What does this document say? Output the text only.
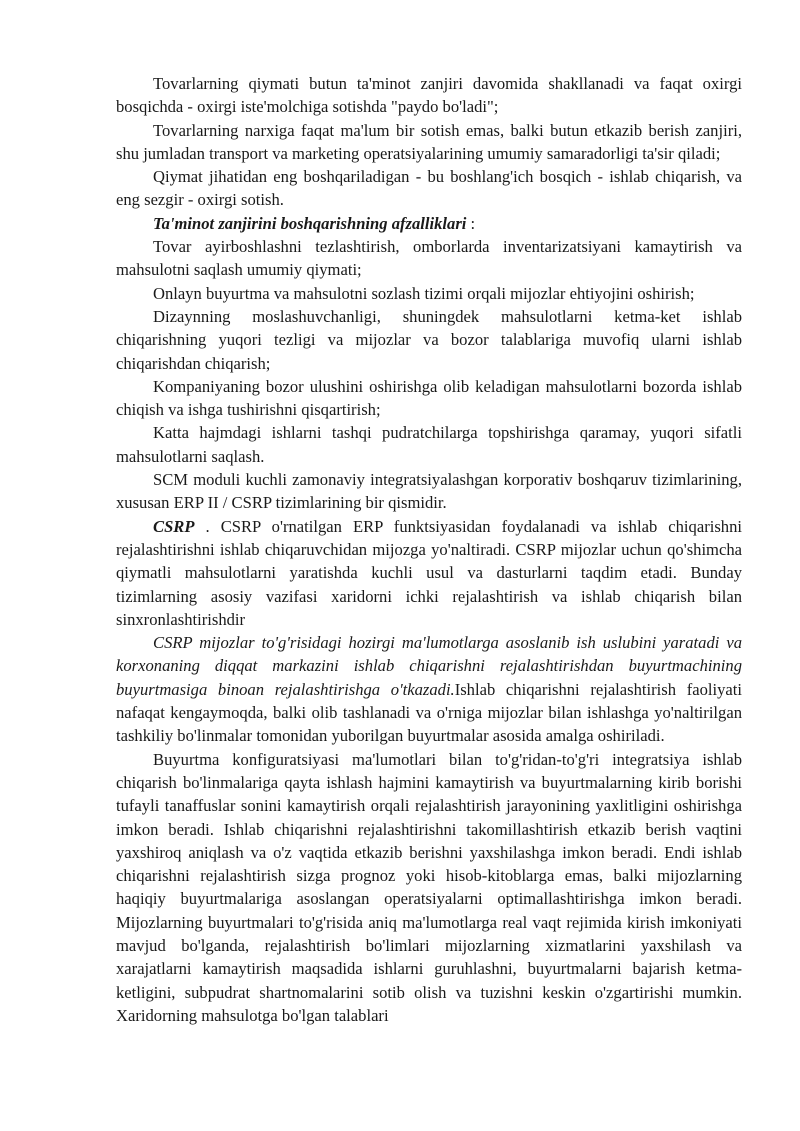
Tovarlarning qiymati butun ta'minot zanjiri davomida shakllanadi va faqat oxirgi bosqichda - oxirgi iste'molchiga sotishda "paydo bo'ladi";

Tovarlarning narxiga faqat ma'lum bir sotish emas, balki butun etkazib berish zanjiri, shu jumladan transport va marketing operatsiyalarining umumiy samaradorligi ta'sir qiladi;

Qiymat jihatidan eng boshqariladigan - bu boshlang'ich bosqich - ishlab chiqarish, va eng sezgir - oxirgi sotish.

Ta'minot zanjirini boshqarishning afzalliklari :

Tovar ayirboshlashni tezlashtirish, omborlarda inventarizatsiyani kamaytirish va mahsulotni saqlash umumiy qiymati;

Onlayn buyurtma va mahsulotni sozlash tizimi orqali mijozlar ehtiyojini oshirish;

Dizaynning moslashuvchanligi, shuningdek mahsulotlarni ketma-ket ishlab chiqarishning yuqori tezligi va mijozlar va bozor talablariga muvofiq ularni ishlab chiqarishdan chiqarish;

Kompaniyaning bozor ulushini oshirishga olib keladigan mahsulotlarni bozorda ishlab chiqish va ishga tushirishni qisqartirish;

Katta hajmdagi ishlarni tashqi pudratchilarga topshirishga qaramay, yuqori sifatli mahsulotlarni saqlash.

SCM moduli kuchli zamonaviy integratsiyalashgan korporativ boshqaruv tizimlarining, xususan ERP II / CSRP tizimlarining bir qismidir.

CSRP . CSRP o'rnatilgan ERP funktsiyasidan foydalanadi va ishlab chiqarishni rejalashtirishni ishlab chiqaruvchidan mijozga yo'naltiradi. CSRP mijozlar uchun qo'shimcha qiymatli mahsulotlarni yaratishda kuchli usul va dasturlarni taqdim etadi. Bunday tizimlarning asosiy vazifasi xaridorni ichki rejalashtirish va ishlab chiqarish bilan sinxronlashtirishdir

CSRP mijozlar to'g'risidagi hozirgi ma'lumotlarga asoslanib ish uslubini yaratadi va korxonaning diqqat markazini ishlab chiqarishni rejalashtirishdan buyurtmachining buyurtmasiga binoan rejalashtirishga o'tkazadi.Ishlab chiqarishni rejalashtirish faoliyati nafaqat kengaymoqda, balki olib tashlanadi va o'rniga mijozlar bilan ishlashga yo'naltirilgan tashkiliy bo'linmalar tomonidan yuborilgan buyurtmalar asosida amalga oshiriladi.

Buyurtma konfiguratsiyasi ma'lumotlari bilan to'g'ridan-to'g'ri integratsiya ishlab chiqarish bo'linmalariga qayta ishlash hajmini kamaytirish va buyurtmalarning kirib borishi tufayli tanaffuslar sonini kamaytirish orqali rejalashtirish jarayonining yaxlitligini oshirishga imkon beradi. Ishlab chiqarishni rejalashtirishni takomillashtirish etkazib berish vaqtini yaxshiroq aniqlash va o'z vaqtida etkazib berishni yaxshilashga imkon beradi. Endi ishlab chiqarishni rejalashtirish sizga prognoz yoki hisob-kitoblarga emas, balki mijozlarning haqiqiy buyurtmalariga asoslangan operatsiyalarni optimallashtirishga imkon beradi. Mijozlarning buyurtmalari to'g'risida aniq ma'lumotlarga real vaqt rejimida kirish imkoniyati mavjud bo'lganda, rejalashtirish bo'limlari mijozlarning xizmatlarini yaxshilash va xarajatlarni kamaytirish maqsadida ishlarni guruhlashni, buyurtmalarni bajarish ketma-ketligini, subpudrat shartnomalarini sotib olish va tuzishni keskin o'zgartirishi mumkin. Xaridorning mahsulotga bo'lgan talablari
